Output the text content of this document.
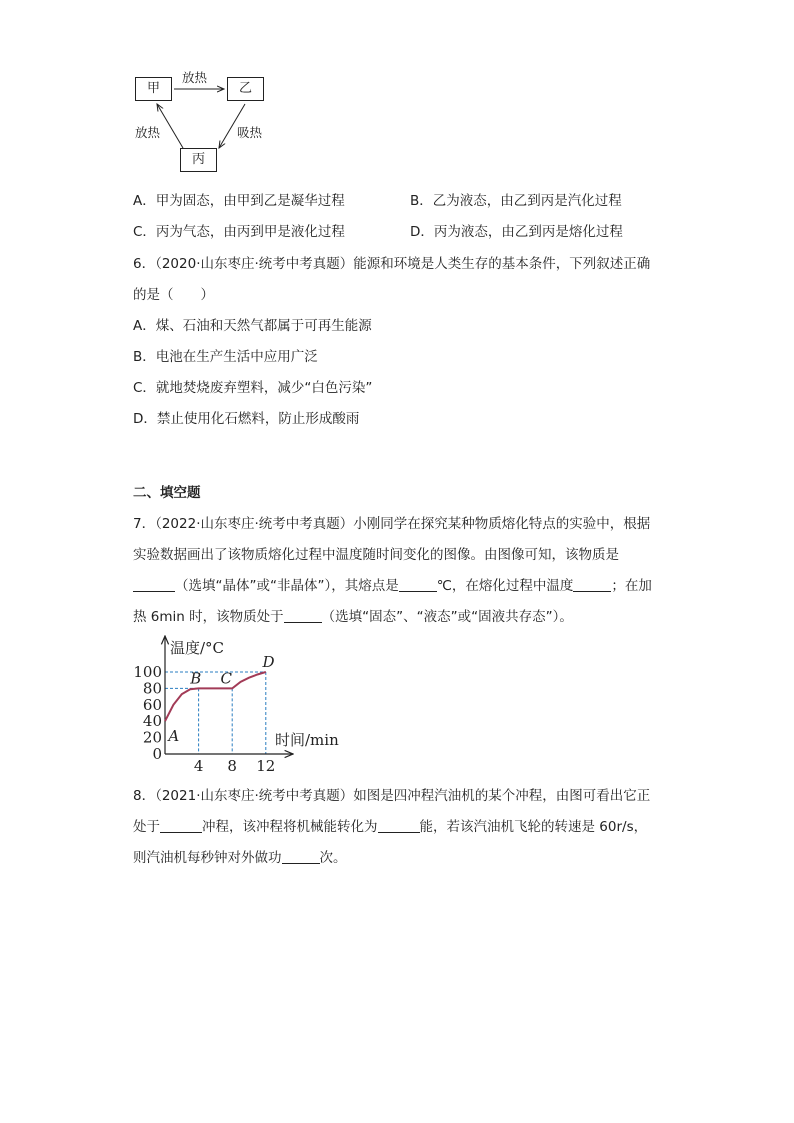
甲	乙
丙
放热
放热	吸热
A．甲为固态，由甲到乙是凝华过程	B．乙为液态，由乙到丙是汽化过程
C．丙为气态，由丙到甲是液化过程	D．丙为液态，由乙到丙是熔化过程
6．（2020·山东枣庄·统考中考真题）能源和环境是人类生存的基本条件，下列叙述正确
的是（　　）
A．煤、石油和天然气都属于可再生能源
B．电池在生产生活中应用广泛
C．就地焚烧废弃塑料，减少“白色污染”
D．禁止使用化石燃料，防止形成酸雨
二、填空题
7．（2022·山东枣庄·统考中考真题）小刚同学在探究某种物质熔化特点的实验中，根据
实验数据画出了该物质熔化过程中温度随时间变化的图像。由图像可知，该物质是
（选填“晶体”或“非晶体”），其熔点是	℃，在熔化过程中温度	；在加
热 6min 时，该物质处于	（选填“固态”、“液态”或“固液共存态”）。
0
20
40
60
80
100
4 8 12
A
B C
D
温度/°C
时间/min
8．（2021·山东枣庄·统考中考真题）如图是四冲程汽油机的某个冲程，由图可看出它正
处于	冲程，该冲程将机械能转化为	能，若该汽油机飞轮的转速是 60r/s，
则汽油机每秒钟对外做功	次。
